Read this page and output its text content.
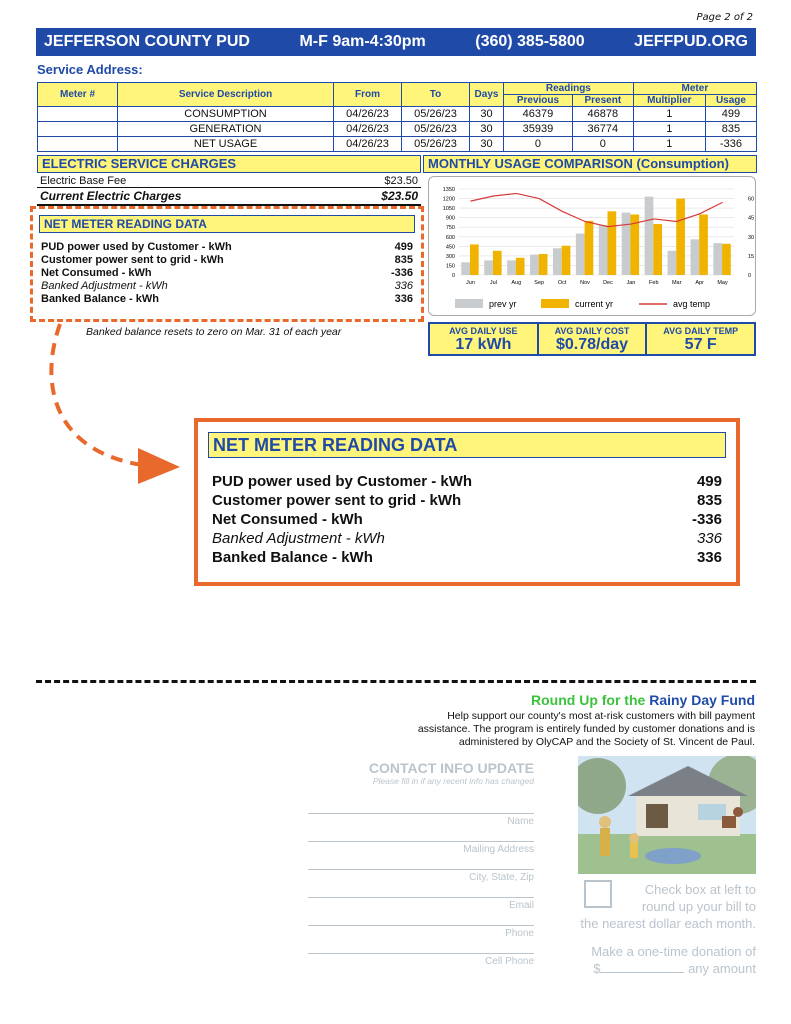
Page 2 of 2
JEFFERSON COUNTY PUD	M-F 9am-4:30pm	(360) 385-5800	JEFFPUD.ORG
Service Address:
Meter #	Service Description	From	To	Days	Readings		Meter	
					Previous	Present	Multiplier	Usage
	CONSUMPTION	04/26/23	05/26/23	30	46379	46878	1	499
	GENERATION	04/26/23	05/26/23	30	35939	36774	1	835
	NET USAGE	04/26/23	05/26/23	30	0	0	1	-336
ELECTRIC SERVICE CHARGES
Electric Base Fee	$23.50
Current Electric Charges	$23.50
NET METER READING DATA
PUD power used by Customer - kWh	499
Customer power sent to grid - kWh	835
Net Consumed - kWh	-336
Banked Adjustment - kWh	336
Banked Balance - kWh	336
Banked balance resets to zero on Mar. 31 of each year
MONTHLY USAGE COMPARISON (Consumption)
0
150
300
450
600
750
900
1050
1200
1350
0
15
30
45
60
Jun	Jul	Aug Sep Oct Nov Dec Jan Feb Mar	Apr May
prev yr	current yr	avg temp
AVG DAILY USE
17 kWh
AVG DAILY COST
$0.78/day
AVG DAILY TEMP
57 F
NET METER READING DATA
PUD power used by Customer - kWh	499
Customer power sent to grid - kWh	835
Net Consumed - kWh	-336
Banked Adjustment - kWh	336
Banked Balance - kWh	336
Round Up for the Rainy Day Fund
Help support our county's most at-risk customers with bill payment
assistance. The program is entirely funded by customer donations and is
administered by OlyCAP and the Society of St. Vincent de Paul.
CONTACT INFO UPDATE
Please fill in if any recent info has changed
Name
Mailing Address
City, State, Zip
Email
Phone
Cell Phone
Check box at left to
round up your bill to
the nearest dollar each month.
Make a one-time donation of
$	any amount
